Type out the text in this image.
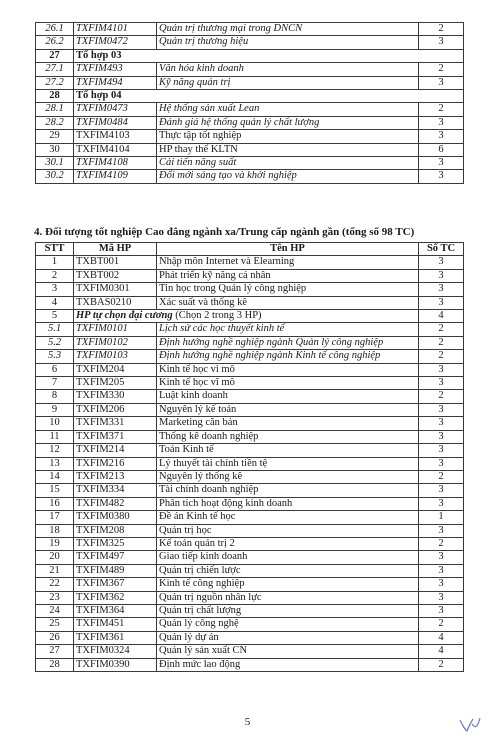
26.1	TXFIM4101	Quản trị thương mại trong DNCN	2
26.2	TXFIM0472	Quản trị thương hiệu	3
27	Tổ hợp 03		
27.1	TXFIM493	Văn hóa kinh doanh	2
27.2	TXFIM494	Kỹ năng quản trị	3
28	Tổ hợp 04		
28.1	TXFIM0473	Hệ thống sản xuất Lean	2
28.2	TXFIM0484	Đánh giá hệ thống quản lý chất lượng	3
29	TXFIM4103	Thực tập tốt nghiệp	3
30	TXFIM4104	HP thay thế KLTN	6
30.1	TXFIM4108	Cải tiến năng suất	3
30.2	TXFIM4109	Đổi mới sáng tạo và khởi nghiệp	3
4. Đối tượng tốt nghiệp Cao đẳng ngành xa/Trung cấp ngành gần (tổng số 98 TC)
STT	Mã HP	Tên HP	Số TC
1	TXBT001	Nhập môn Internet và Elearning	3
2	TXBT002	Phát triển kỹ năng cá nhân	3
3	TXFIM0301	Tin học trong Quản lý công nghiệp	3
4	TXBAS0210	Xác suất và thống kê	3
5	HP tự chọn đại cương (Chọn 2 trong 3 HP)		4
5.1	TXFIM0101	Lịch sử các học thuyết kinh tế	2
5.2	TXFIM0102	Định hướng nghề nghiệp ngành Quản lý công nghiệp	2
5.3	TXFIM0103	Định hướng nghề nghiệp ngành Kinh tế công nghiệp	2
6	TXFIM204	Kinh tế học vi mô	3
7	TXFIM205	Kinh tế học vĩ mô	3
8	TXFIM330	Luật kinh doanh	2
9	TXFIM206	Nguyên lý kế toán	3
10	TXFIM331	Marketing căn bản	3
11	TXFIM371	Thống kê doanh nghiệp	3
12	TXFIM214	Toán Kinh tế	3
13	TXFIM216	Lý thuyết tài chính tiền tệ	3
14	TXFIM213	Nguyên lý thống kê	2
15	TXFIM334	Tài chính doanh nghiệp	3
16	TXFIM482	Phân tích hoạt động kinh doanh	3
17	TXFIM0380	Đề án Kinh tế học	1
18	TXFIM208	Quản trị học	3
19	TXFIM325	Kế toán quản trị 2	2
20	TXFIM497	Giao tiếp kinh doanh	3
21	TXFIM489	Quản trị chiến lược	3
22	TXFIM367	Kinh tế công nghiệp	3
23	TXFIM362	Quản trị nguồn nhân lực	3
24	TXFIM364	Quản trị chất lượng	3
25	TXFIM451	Quản lý công nghệ	2
26	TXFIM361	Quản lý dự án	4
27	TXFIM0324	Quản lý sản xuất CN	4
28	TXFIM0390	Định mức lao động	2
5
